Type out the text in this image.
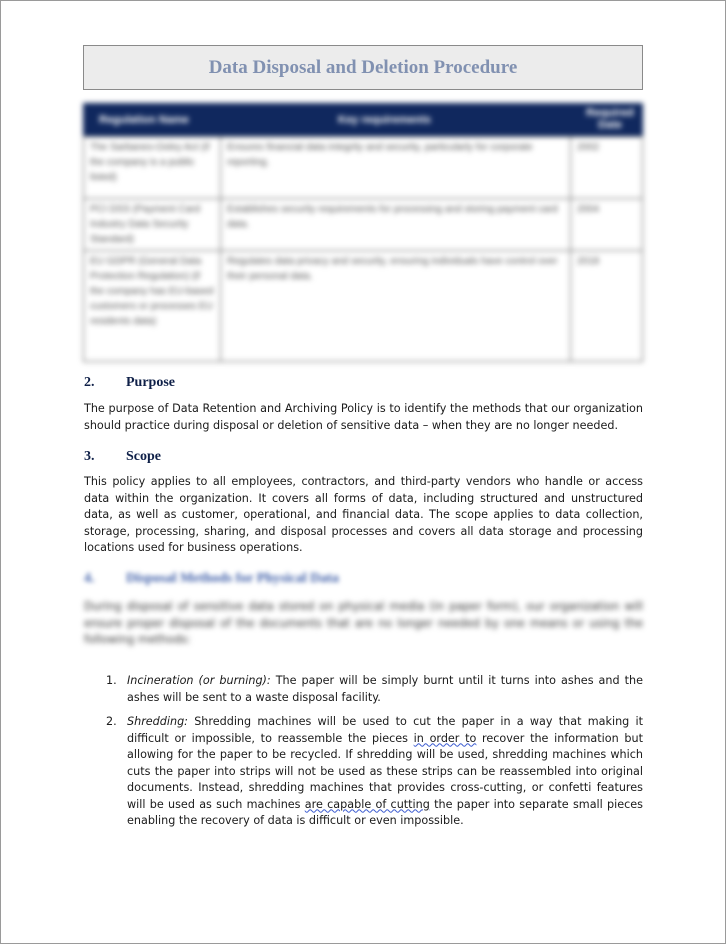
Data Disposal and Deletion Procedure
Regulation Name	Key requirements
Required Date
The Sarbanes-Oxley Act (if the company is a public listed)
Ensures financial data integrity and security, particularly for corporate reporting.
2002
PCI DSS (Payment Card Industry Data Security Standard)
Establishes security requirements for processing and storing payment card data.
2004
EU GDPR (General Data Protection Regulation) (if the company has EU-based customers or processes EU residents data)
Regulates data privacy and security, ensuring individuals have control over their personal data.
2018
2. Purpose
The purpose of Data Retention and Archiving Policy is to identify the methods that our organization should practice during disposal or deletion of sensitive data – when they are no longer needed.
3. Scope
This policy applies to all employees, contractors, and third-party vendors who handle or access data within the organization. It covers all forms of data, including structured and unstructured data, as well as customer, operational, and financial data. The scope applies to data collection, storage, processing, sharing, and disposal processes and covers all data storage and processing locations used for business operations.
4. Disposal Methods for Physical Data
During disposal of sensitive data stored on physical media (in paper form), our organization will ensure proper disposal of the documents that are no longer needed by one means or using the following methods:
1. Incineration (or burning): The paper will be simply burnt until it turns into ashes and the ashes will be sent to a waste disposal facility.
2. Shredding: Shredding machines will be used to cut the paper in a way that making it difficult or impossible, to reassemble the pieces in order to recover the information but allowing for the paper to be recycled. If shredding will be used, shredding machines which cuts the paper into strips will not be used as these strips can be reassembled into original documents. Instead, shredding machines that provides cross-cutting, or confetti features will be used as such machines are capable of cutting the paper into separate small pieces enabling the recovery of data is difficult or even impossible.
